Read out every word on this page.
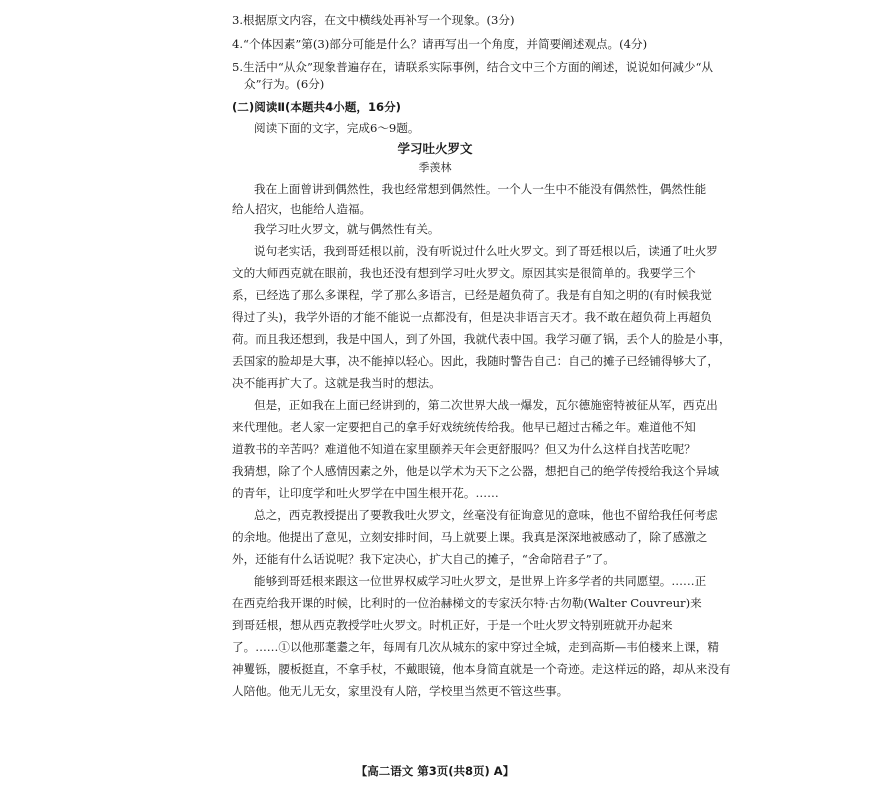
3.根据原文内容，在文中横线处再补写一个现象。(3分)
4.“个体因素”第(3)部分可能是什么？请再写出一个角度，并简要阐述观点。(4分)
5.生活中“从众”现象普遍存在，请联系实际事例，结合文中三个方面的阐述，说说如何减少“从
众”行为。(6分)
(二)阅读Ⅱ(本题共4小题，16分)
阅读下面的文字，完成6～9题。
学习吐火罗文
季羡林
我在上面曾讲到偶然性，我也经常想到偶然性。一个人一生中不能没有偶然性，偶然性能
给人招灾，也能给人造福。
我学习吐火罗文，就与偶然性有关。
说句老实话，我到哥廷根以前，没有听说过什么吐火罗文。到了哥廷根以后，读通了吐火罗
文的大师西克就在眼前，我也还没有想到学习吐火罗文。原因其实是很简单的。我要学三个
系，已经选了那么多课程，学了那么多语言，已经是超负荷了。我是有自知之明的(有时候我觉
得过了头)，我学外语的才能不能说一点都没有，但是决非语言天才。我不敢在超负荷上再超负
荷。而且我还想到，我是中国人，到了外国，我就代表中国。我学习砸了锅，丢个人的脸是小事，
丢国家的脸却是大事，决不能掉以轻心。因此，我随时警告自己：自己的摊子已经铺得够大了，
决不能再扩大了。这就是我当时的想法。
但是，正如我在上面已经讲到的，第二次世界大战一爆发，瓦尔德施密特被征从军，西克出
来代理他。老人家一定要把自己的拿手好戏统统传给我。他早已超过古稀之年。难道他不知
道教书的辛苦吗？难道他不知道在家里颐养天年会更舒服吗？但又为什么这样自找苦吃呢？
我猜想，除了个人感情因素之外，他是以学术为天下之公器，想把自己的绝学传授给我这个异域
的青年，让印度学和吐火罗学在中国生根开花。……
总之，西克教授提出了要教我吐火罗文，丝毫没有征询意见的意味，他也不留给我任何考虑
的余地。他提出了意见，立刻安排时间，马上就要上课。我真是深深地被感动了，除了感激之
外，还能有什么话说呢？我下定决心，扩大自己的摊子，“舍命陪君子”了。
能够到哥廷根来跟这一位世界权威学习吐火罗文，是世界上许多学者的共同愿望。……正
在西克给我开课的时候，比利时的一位治赫梯文的专家沃尔特·古勿勒(Walter Couvreur)来
到哥廷根，想从西克教授学吐火罗文。时机正好，于是一个吐火罗文特别班就开办起来
了。……①以他那耄耋之年，每周有几次从城东的家中穿过全城，走到高斯—韦伯楼来上课，精
神矍铄，腰板挺直，不拿手杖，不戴眼镜，他本身简直就是一个奇迹。走这样远的路，却从来没有
人陪他。他无儿无女，家里没有人陪，学校里当然更不管这些事。
【高二语文 第3页(共8页) A】
